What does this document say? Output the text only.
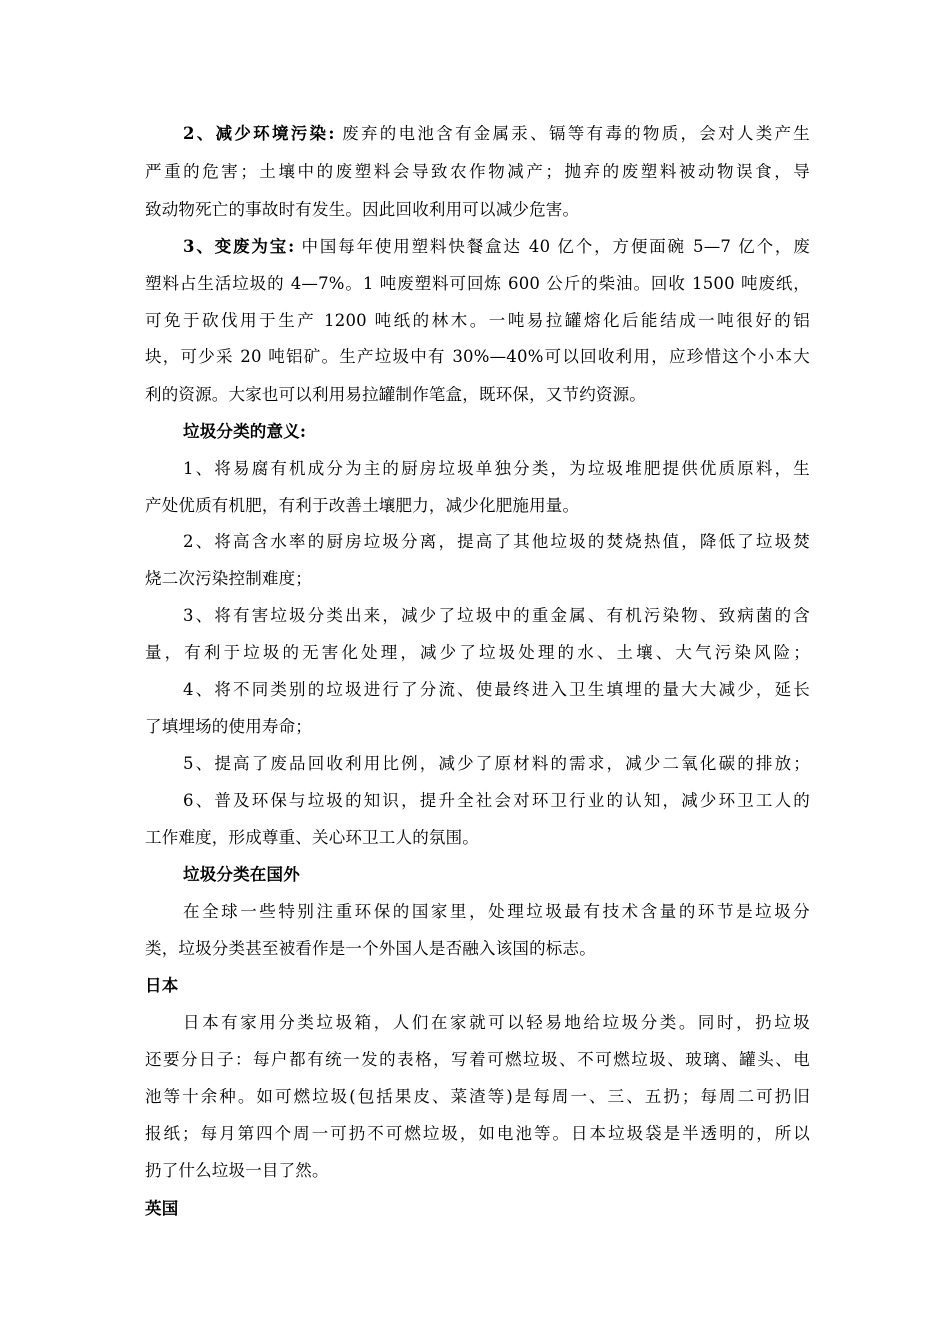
2、减少环境污染: 废弃的电池含有金属汞、镉等有毒的物质，会对人类产生
严重的危害；土壤中的废塑料会导致农作物减产；抛弃的废塑料被动物误食，导
致动物死亡的事故时有发生。因此回收利用可以减少危害。
3、变废为宝: 中国每年使用塑料快餐盒达 40 亿个，方便面碗 5—7 亿个，废
塑料占生活垃圾的 4—7%。1 吨废塑料可回炼 600 公斤的柴油。回收 1500 吨废纸，
可免于砍伐用于生产 1200 吨纸的林木。一吨易拉罐熔化后能结成一吨很好的铝
块，可少采 20 吨铝矿。生产垃圾中有 30%—40%可以回收利用，应珍惜这个小本大
利的资源。大家也可以利用易拉罐制作笔盒，既环保，又节约资源。
垃圾分类的意义:
1、将易腐有机成分为主的厨房垃圾单独分类，为垃圾堆肥提供优质原料，生
产处优质有机肥，有利于改善土壤肥力，减少化肥施用量。
2、将高含水率的厨房垃圾分离，提高了其他垃圾的焚烧热值，降低了垃圾焚
烧二次污染控制难度；
3、将有害垃圾分类出来，减少了垃圾中的重金属、有机污染物、致病菌的含
量，有利于垃圾的无害化处理，减少了垃圾处理的水、土壤、大气污染风险；
4、将不同类别的垃圾进行了分流、使最终进入卫生填埋的量大大减少，延长
了填埋场的使用寿命；
5、提高了废品回收利用比例，减少了原材料的需求，减少二氧化碳的排放；
6、普及环保与垃圾的知识，提升全社会对环卫行业的认知，减少环卫工人的
工作难度，形成尊重、关心环卫工人的氛围。
垃圾分类在国外
在全球一些特别注重环保的国家里，处理垃圾最有技术含量的环节是垃圾分
类，垃圾分类甚至被看作是一个外国人是否融入该国的标志。
日本
日本有家用分类垃圾箱，人们在家就可以轻易地给垃圾分类。同时，扔垃圾
还要分日子：每户都有统一发的表格，写着可燃垃圾、不可燃垃圾、玻璃、罐头、电
池等十余种。如可燃垃圾(包括果皮、菜渣等)是每周一、三、五扔；每周二可扔旧
报纸；每月第四个周一可扔不可燃垃圾，如电池等。日本垃圾袋是半透明的，所以
扔了什么垃圾一目了然。
英国
